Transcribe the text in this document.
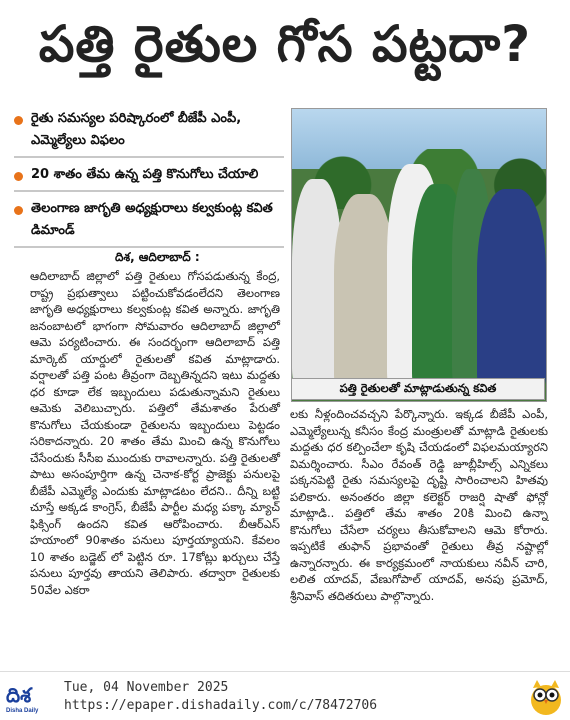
పత్తి రైతుల గోస పట్టదా?
రైతు సమస్యల పరిష్కారంలో బీజేపీ ఎంపీ, ఎమ్మెల్యేలు విఫలం
20 శాతం తేమ ఉన్న పత్తి కొనుగోలు చేయాలి
తెలంగాణ జాగృతి అధ్యక్షురాలు కల్వకుంట్ల కవిత డిమాండ్
దిశ, ఆదిలాబాద్ :
ఆదిలాబాద్ జిల్లాలో పత్తి రైతులు గోసపడుతున్న కేంద్ర, రాష్ట్ర ప్రభుత్వాలు పట్టించుకోవడంలేదని తెలంగాణ జాగృతి అధ్యక్షురాలు కల్వకుంట్ల కవిత అన్నారు. జాగృతి జనంబాటలో భాగంగా సోమవారం ఆదిలాబాద్ జిల్లాలో ఆమె పర్యటించారు. ఈ సందర్భంగా ఆదిలాబాద్ పత్తి మార్కెట్ యార్డులో రైతులతో కవిత మాట్లాడారు. వర్షాలతో పత్తి పంట తీవ్రంగా దెబ్బతిన్నదని ఇటు మద్దతు ధర కూడా లేక ఇబ్బందులు పడుతున్నామని రైతులు ఆమెకు వెలిబుచ్చారు. పత్తిలో తేమశాతం పేరుతో కొనుగోలు చేయకుండా రైతులను ఇబ్బందులు పెట్టడం సరికాదన్నారు. 20 శాతం తేమ మించి ఉన్న కొనుగోలు చేసేందుకు సీసీఐ ముందుకు రావాలన్నారు. పత్తి రైతులతో పాటు అసంపూర్తిగా ఉన్న చెనాక-కోర్ట ప్రాజెక్టు పనులపై బీజేపీ ఎమ్మెల్యే ఎందుకు మాట్లాడటం లేదని.. దీన్ని బట్టి చూస్తే అక్కడ కాంగ్రెస్, బీజేపీ పార్టీల మధ్య పక్కా మ్యాచ్ ఫిక్సింగ్ ఉందని కవిత ఆరోపించారు. బీఆర్ఎస్ హయాంలో 90శాతం పనులు పూర్తయ్యాయని. కేవలం 10 శాతం బడ్జెట్ లో పెట్టిన రూ. 17కోట్లు ఖర్చులు చేస్తే పనులు పూర్తవు తాయని తెలిపారు. తద్వారా రైతులకు 50వేల ఎకరా
పత్తి రైతులతో మాట్లాడుతున్న కవిత
లకు నీళ్లందించవచ్చని పేర్కొన్నారు. ఇక్కడ బీజేపీ ఎంపీ, ఎమ్మెల్యేలున్న కనీసం కేంద్ర మంత్రులతో మాట్లాడి రైతులకు మద్దతు ధర కల్పించేలా కృషి చేయడంలో విఫలమయ్యారని విమర్శించారు. సీఎం రేవంత్ రెడ్డి జూబ్లీహిల్స్ ఎన్నికలు పక్కనపెట్టి రైతు సమస్యలపై దృష్టి సారించాలని హితవు పలికారు. అనంతరం జిల్లా కలెక్టర్ రాజర్షి షాతో ఫోన్లో మాట్లాడి.. పత్తిలో తేమ శాతం 20కి మించి ఉన్నా కొనుగోలు చేసేలా చర్యలు తీసుకోవాలని ఆమె కోరారు. ఇప్పటికే తుఫాన్ ప్రభావంతో రైతులు తీవ్ర నష్టాల్లో ఉన్నారన్నారు. ఈ కార్యక్రమంలో నాయకులు నవీన్ చారి, లలిత యాదవ్, వేణుగోపాల్ యాదవ్, అనపు ప్రమోద్, శ్రీనివాస్ తదితరులు పాల్గొన్నారు.
దిశ
Disha Daily
Tue, 04 November 2025
https://epaper.dishadaily.com/c/78472706
